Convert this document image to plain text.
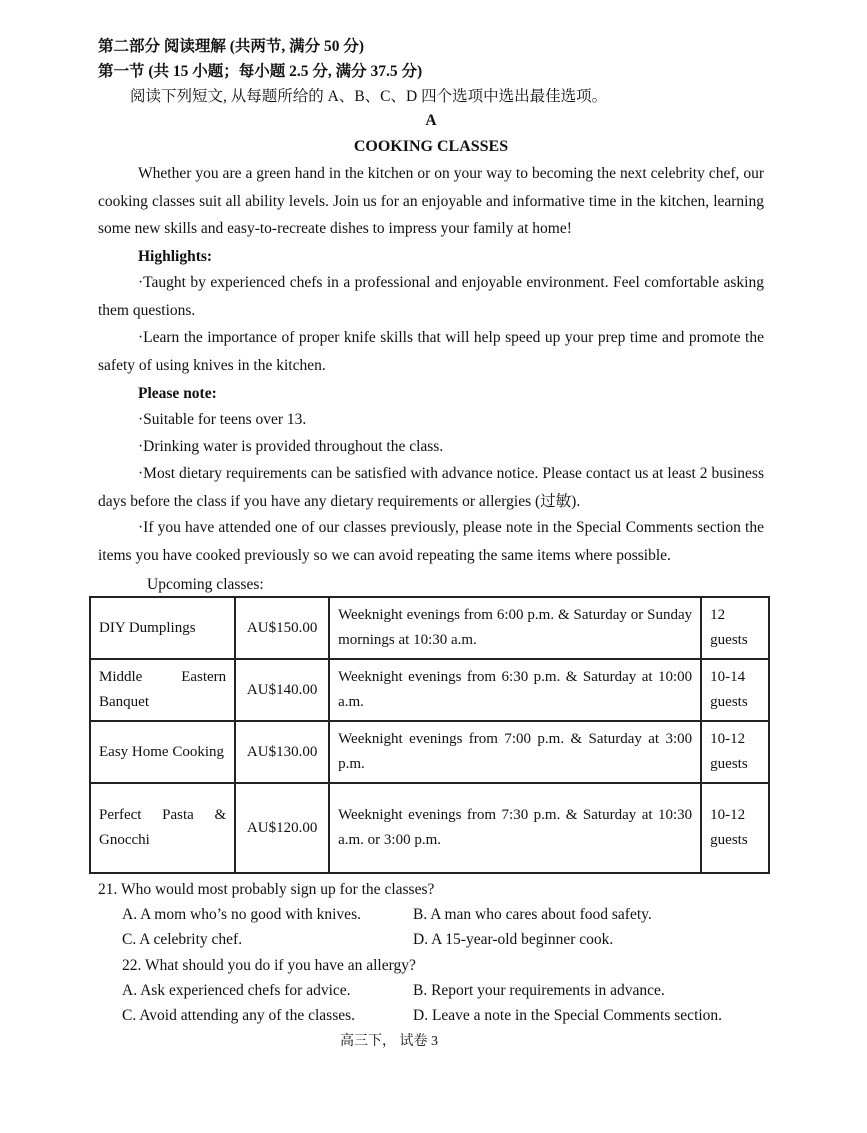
第二部分 阅读理解 (共两节, 满分 50 分)
第一节 (共 15 小题；每小题 2.5 分, 满分 37.5 分)
阅读下列短文, 从每题所给的 A、B、C、D 四个选项中选出最佳选项。
A
COOKING CLASSES
Whether you are a green hand in the kitchen or on your way to becoming the next celebrity chef, our cooking classes suit all ability levels. Join us for an enjoyable and informative time in the kitchen, learning some new skills and easy-to-recreate dishes to impress your family at home!
Highlights:
·Taught by experienced chefs in a professional and enjoyable environment. Feel comfortable asking them questions.
·Learn the importance of proper knife skills that will help speed up your prep time and promote the safety of using knives in the kitchen.
Please note:
·Suitable for teens over 13.
·Drinking water is provided throughout the class.
·Most dietary requirements can be satisfied with advance notice. Please contact us at least 2 business days before the class if you have any dietary requirements or allergies (过敏).
·If you have attended one of our classes previously, please note in the Special Comments section the items you have cooked previously so we can avoid repeating the same items where possible.
Upcoming classes:
DIY Dumplings	AU$150.00	Weeknight evenings from 6:00 p.m. & Saturday or Sunday mornings at 10:30 a.m.	12 guests
Middle Eastern Banquet	AU$140.00	Weeknight evenings from 6:30 p.m. & Saturday at 10:00 a.m.	10-14 guests
Easy Home Cooking	AU$130.00	Weeknight evenings from 7:00 p.m. & Saturday at 3:00 p.m.	10-12 guests
Perfect Pasta & Gnocchi	AU$120.00	Weeknight evenings from 7:30 p.m. & Saturday at 10:30 a.m. or 3:00 p.m.	10-12 guests
21. Who would most probably sign up for the classes?
A. A mom who’s no good with knives.	B. A man who cares about food safety.
C. A celebrity chef.	D. A 15-year-old beginner cook.
22. What should you do if you have an allergy?
A. Ask experienced chefs for advice.	B. Report your requirements in advance.
C. Avoid attending any of the classes.	D. Leave a note in the Special Comments section.
高三下， 试卷 3
